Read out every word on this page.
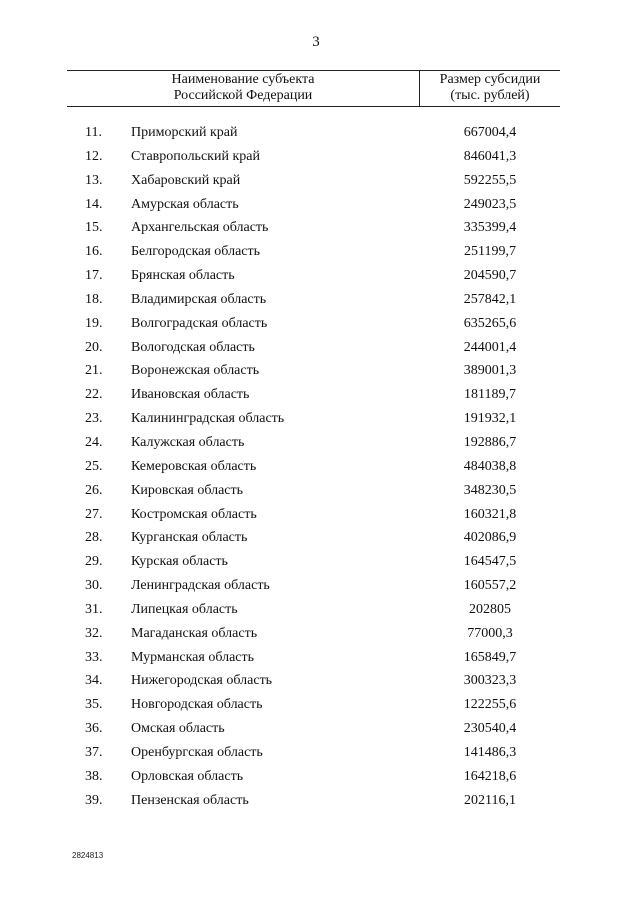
3
Наименование субъекта
Российской Федерации
Размер субсидии
(тыс. рублей)
11.	Приморский край	667004,4
12.	Ставропольский край	846041,3
13.	Хабаровский край	592255,5
14.	Амурская область	249023,5
15.	Архангельская область	335399,4
16.	Белгородская область	251199,7
17.	Брянская область	204590,7
18.	Владимирская область	257842,1
19.	Волгоградская область	635265,6
20.	Вологодская область	244001,4
21.	Воронежская область	389001,3
22.	Ивановская область	181189,7
23.	Калининградская область	191932,1
24.	Калужская область	192886,7
25.	Кемеровская область	484038,8
26.	Кировская область	348230,5
27.	Костромская область	160321,8
28.	Курганская область	402086,9
29.	Курская область	164547,5
30.	Ленинградская область	160557,2
31.	Липецкая область	202805
32.	Магаданская область	77000,3
33.	Мурманская область	165849,7
34.	Нижегородская область	300323,3
35.	Новгородская область	122255,6
36.	Омская область	230540,4
37.	Оренбургская область	141486,3
38.	Орловская область	164218,6
39.	Пензенская область	202116,1
2824813
